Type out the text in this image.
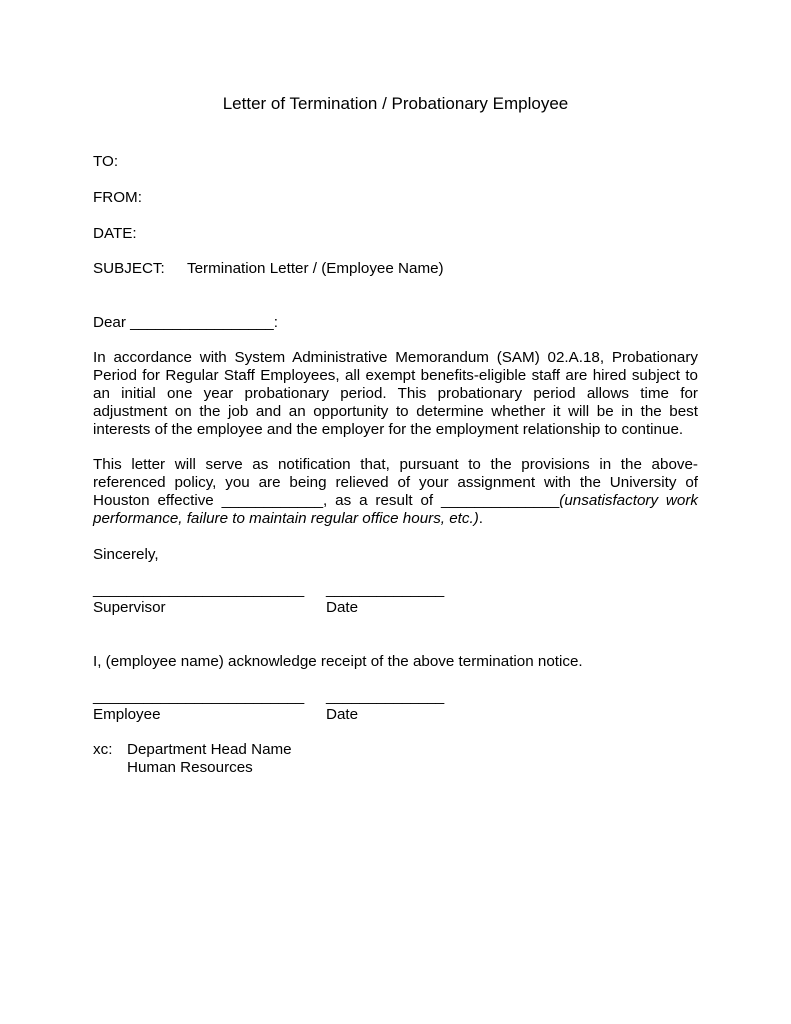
Letter of Termination / Probationary Employee
TO:
FROM:
DATE:
SUBJECT: Termination Letter / (Employee Name)
Dear _________________:

In accordance with System Administrative Memorandum (SAM) 02.A.18, Probationary Period for Regular Staff Employees, all exempt benefits-eligible staff are hired subject to an initial one year probationary period. This probationary period allows time for adjustment on the job and an opportunity to determine whether it will be in the best interests of the employee and the employer for the employment relationship to continue.

This letter will serve as notification that, pursuant to the provisions in the above-referenced policy, you are being relieved of your assignment with the University of Houston effective ____________, as a result of ______________(unsatisfactory work performance, failure to maintain regular office hours, etc.).

Sincerely,
_________________________ ______________
Supervisor	Date
I, (employee name) acknowledge receipt of the above termination notice.
_________________________ ______________
Employee	Date
xc: Department Head Name
Human Resources
